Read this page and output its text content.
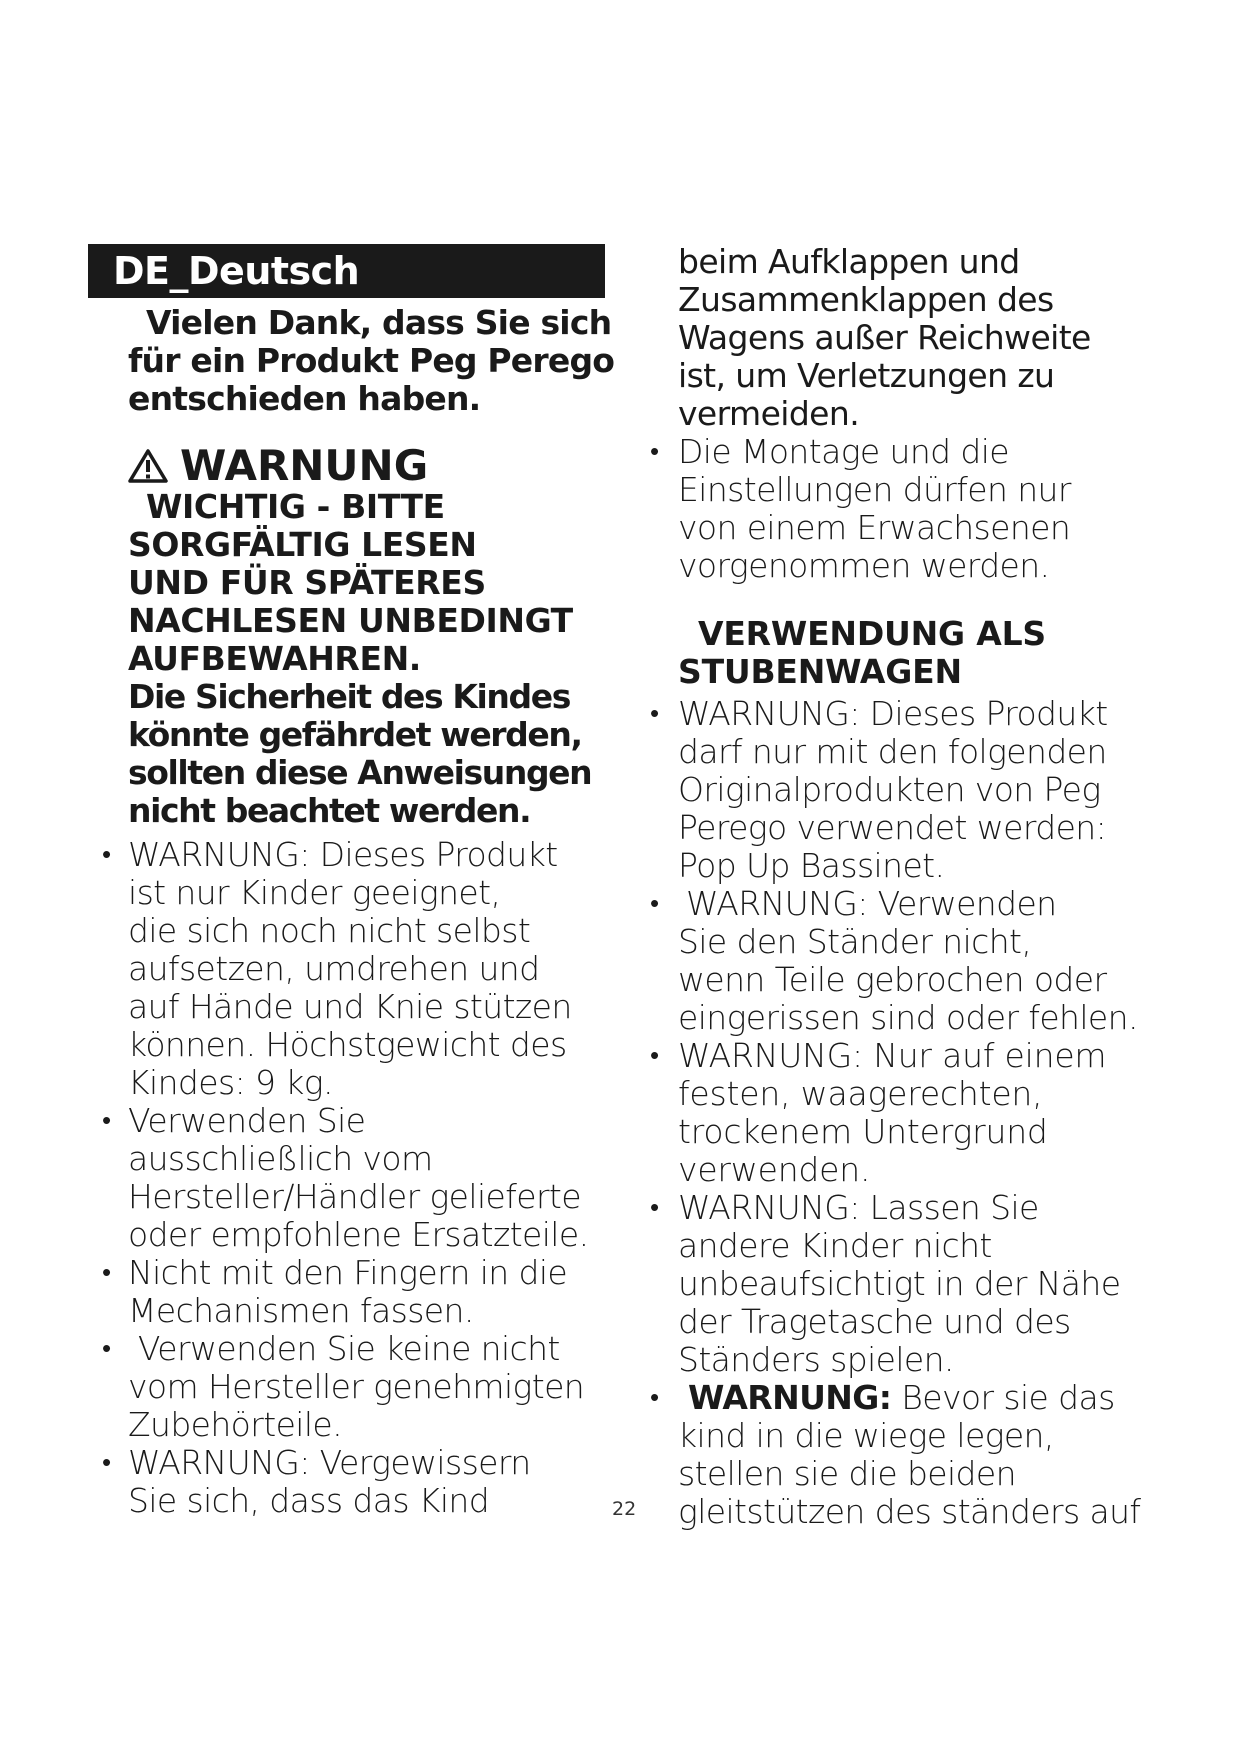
DE_Deutsch
Vielen Dank, dass Sie sich
für ein Produkt Peg Perego
entschieden haben.
WARNUNG
WICHTIG - BITTE
SORGFÄLTIG LESEN
UND FÜR SPÄTERES
NACHLESEN UNBEDINGT
AUFBEWAHREN.
Die Sicherheit des Kindes
könnte gefährdet werden,
sollten diese Anweisungen
nicht beachtet werden.
• WARNUNG: Dieses Produkt
ist nur Kinder geeignet,
die sich noch nicht selbst
aufsetzen, umdrehen und
auf Hände und Knie stützen
können. Höchstgewicht des
Kindes: 9 kg.
• Verwenden Sie
ausschließlich vom
Hersteller/Händler gelieferte
oder empfohlene Ersatzteile.
• Nicht mit den Fingern in die
Mechanismen fassen.
•  Verwenden Sie keine nicht
vom Hersteller genehmigten
Zubehörteile.
• WARNUNG: Vergewissern
Sie sich, dass das Kind	22
beim Aufklappen und
Zusammenklappen des
Wagens außer Reichweite
ist, um Verletzungen zu
vermeiden.
• Die Montage und die
Einstellungen dürfen nur
von einem Erwachsenen
vorgenommen werden.
VERWENDUNG ALS
STUBENWAGEN
• WARNUNG: Dieses Produkt
darf nur mit den folgenden
Originalprodukten von Peg
Perego verwendet werden:
Pop Up Bassinet.
• WARNUNG: Verwenden
Sie den Ständer nicht,
wenn Teile gebrochen oder
eingerissen sind oder fehlen.
• WARNUNG: Nur auf einem
festen, waagerechten,
trockenem Untergrund
verwenden.
• WARNUNG: Lassen Sie
andere Kinder nicht
unbeaufsichtigt in der Nähe
der Tragetasche und des
Ständers spielen.
• WARNUNG: Bevor sie das
kind in die wiege legen,
stellen sie die beiden
gleitstützen des ständers auf
